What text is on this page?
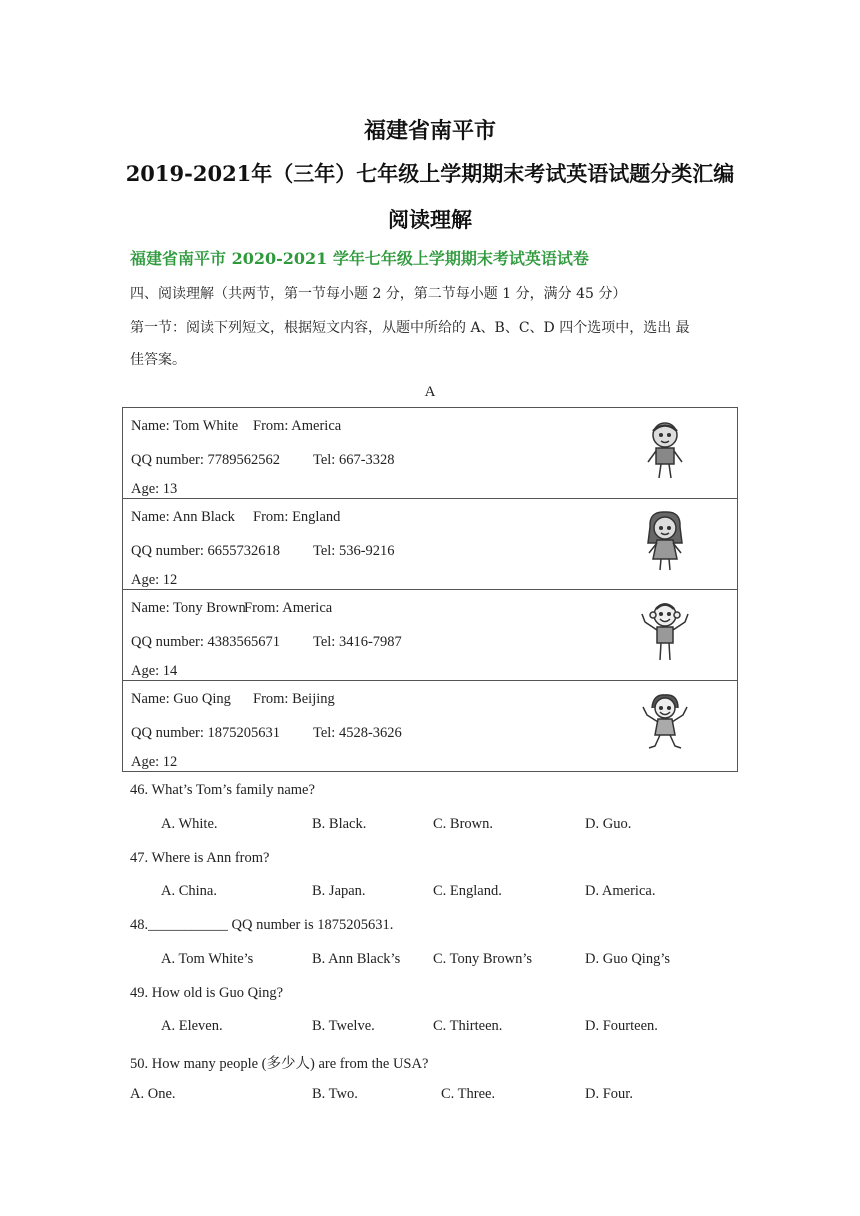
福建省南平市
2019-2021年（三年）七年级上学期期末考试英语试题分类汇编
阅读理解
福建省南平市 2020-2021 学年七年级上学期期末考试英语试卷
四、阅读理解（共两节，第一节每小题 2 分，第二节每小题 1 分，满分 45 分）
第一节：阅读下列短文，根据短文内容，从题中所给的 A、B、C、D 四个选项中，选出 最
佳答案。
A
Name: Tom White From: America
QQ number: 7789562562 Tel: 667-3328
Age: 13

Name: Ann Black From: England
QQ number: 6655732618 Tel: 536-9216
Age: 12

Name: Tony Brown
From: America
QQ number: 4383565671 Tel: 3416-7987
Age: 14

Name: Guo Qing From: Beijing
QQ number: 1875205631 Tel: 4528-3626
Age: 12
46. What’s Tom’s family name?
A. White.	B. Black.	C. Brown.	D. Guo.
47. Where is Ann from?
A. China.	B. Japan.	C. England.	D. America.
48.___________ QQ number is 1875205631.
A. Tom White’s	B. Ann Black’s C. Tony Brown’s	D. Guo Qing’s
49. How old is Guo Qing?
A. Eleven.	B. Twelve.	C. Thirteen.	D. Fourteen.
50. How many people (多少人) are from the USA?
A. One.	B. Two.	C. Three.	D. Four.
